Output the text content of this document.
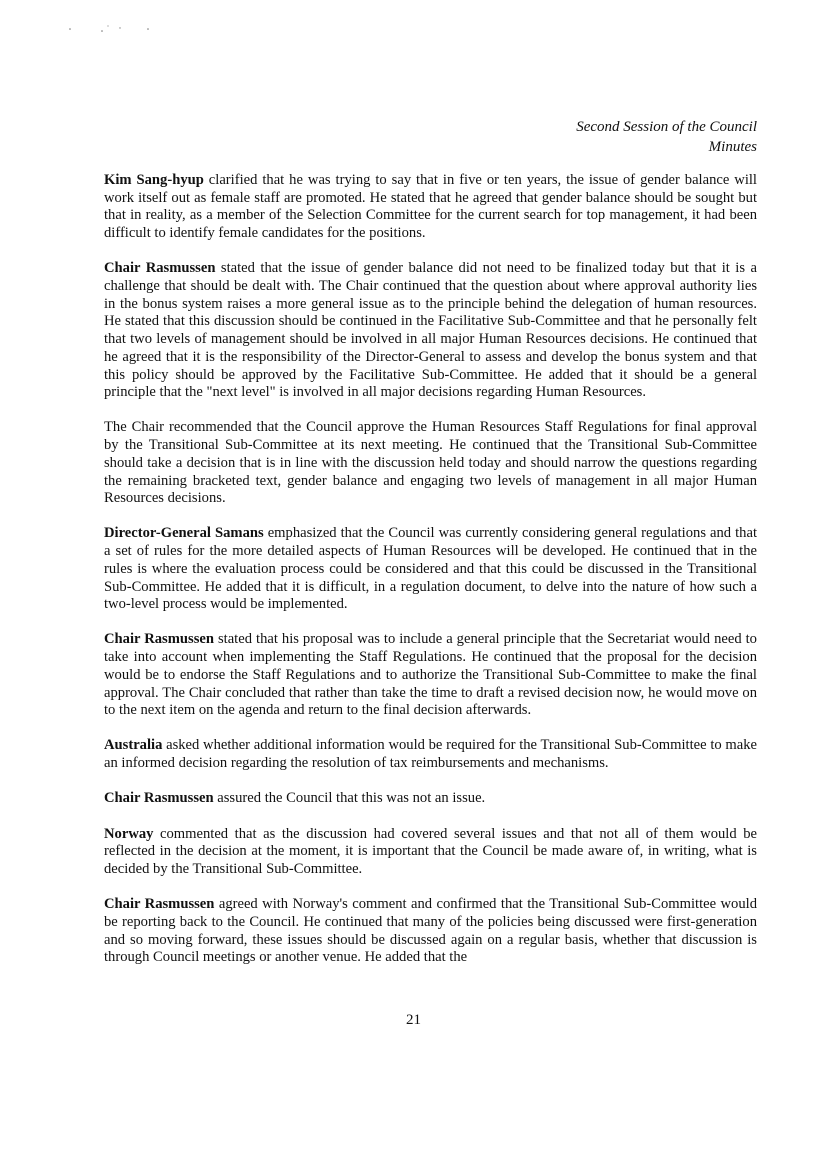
Second Session of the Council
Minutes

Kim Sang-hyup clarified that he was trying to say that in five or ten years, the issue of gender balance will work itself out as female staff are promoted. He stated that he agreed that gender balance should be sought but that in reality, as a member of the Selection Committee for the current search for top management, it had been difficult to identify female candidates for the positions.

Chair Rasmussen stated that the issue of gender balance did not need to be finalized today but that it is a challenge that should be dealt with. The Chair continued that the question about where approval authority lies in the bonus system raises a more general issue as to the principle behind the delegation of human resources. He stated that this discussion should be continued in the Facilitative Sub-Committee and that he personally felt that two levels of management should be involved in all major Human Resources decisions. He continued that he agreed that it is the responsibility of the Director-General to assess and develop the bonus system and that this policy should be approved by the Facilitative Sub-Committee. He added that it should be a general principle that the "next level" is involved in all major decisions regarding Human Resources.

The Chair recommended that the Council approve the Human Resources Staff Regulations for final approval by the Transitional Sub-Committee at its next meeting. He continued that the Transitional Sub-Committee should take a decision that is in line with the discussion held today and should narrow the questions regarding the remaining bracketed text, gender balance and engaging two levels of management in all major Human Resources decisions.

Director-General Samans emphasized that the Council was currently considering general regulations and that a set of rules for the more detailed aspects of Human Resources will be developed. He continued that in the rules is where the evaluation process could be considered and that this could be discussed in the Transitional Sub-Committee. He added that it is difficult, in a regulation document, to delve into the nature of how such a two-level process would be implemented.

Chair Rasmussen stated that his proposal was to include a general principle that the Secretariat would need to take into account when implementing the Staff Regulations. He continued that the proposal for the decision would be to endorse the Staff Regulations and to authorize the Transitional Sub-Committee to make the final approval. The Chair concluded that rather than take the time to draft a revised decision now, he would move on to the next item on the agenda and return to the final decision afterwards.

Australia asked whether additional information would be required for the Transitional Sub-Committee to make an informed decision regarding the resolution of tax reimbursements and mechanisms.

Chair Rasmussen assured the Council that this was not an issue.

Norway commented that as the discussion had covered several issues and that not all of them would be reflected in the decision at the moment, it is important that the Council be made aware of, in writing, what is decided by the Transitional Sub-Committee.

Chair Rasmussen agreed with Norway's comment and confirmed that the Transitional Sub-Committee would be reporting back to the Council. He continued that many of the policies being discussed were first-generation and so moving forward, these issues should be discussed again on a regular basis, whether that discussion is through Council meetings or another venue. He added that the

21
